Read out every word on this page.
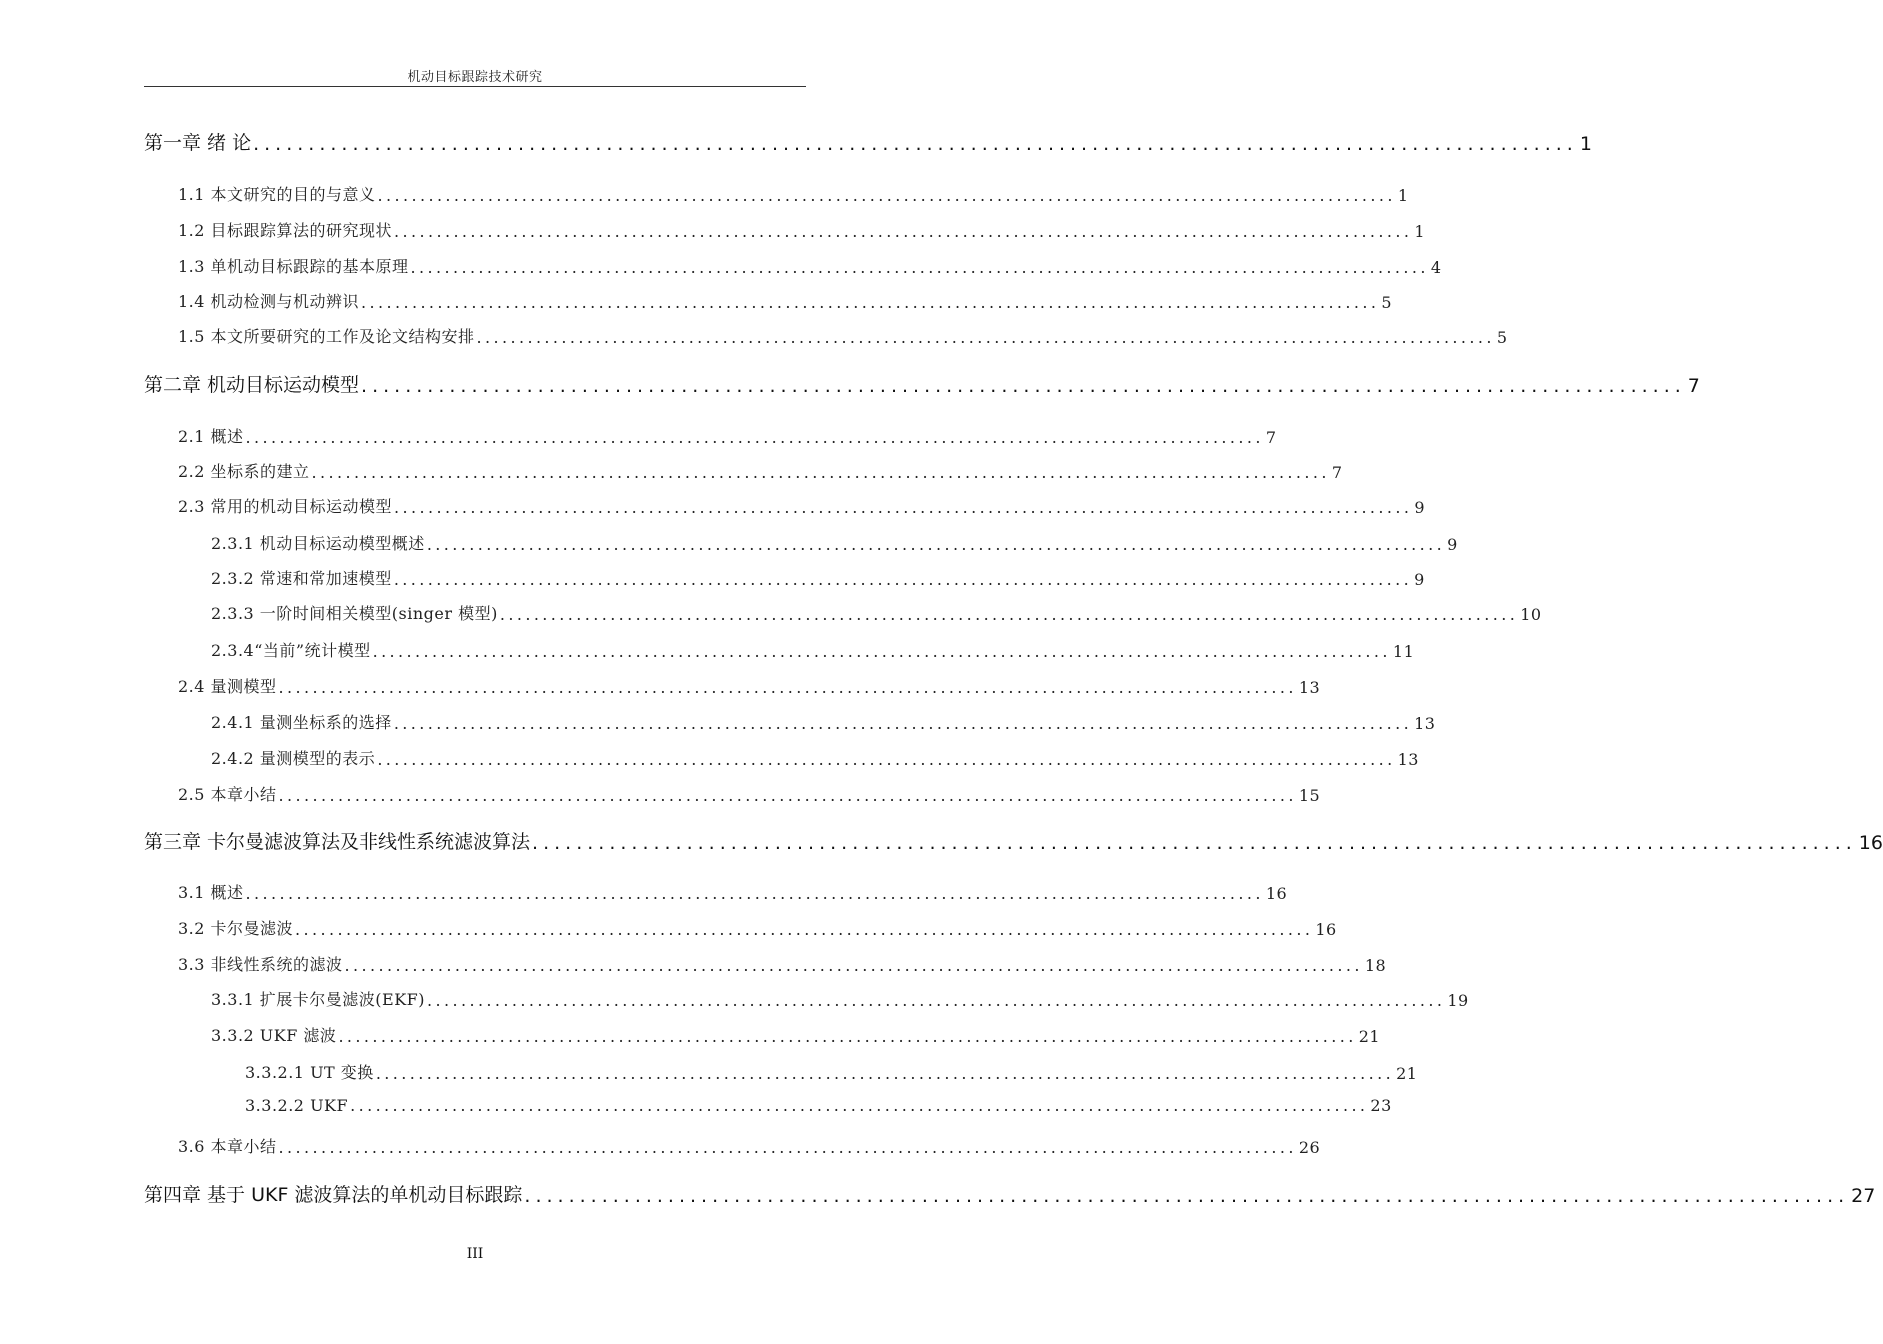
机动目标跟踪技术研究
第一章 绪 论 ........................................................................................................................ 1
1.1 本文研究的目的与意义 ........................................................................................................................ 1
1.2 目标跟踪算法的研究现状 ........................................................................................................................ 1
1.3 单机动目标跟踪的基本原理 ........................................................................................................................ 4
1.4 机动检测与机动辨识 ........................................................................................................................ 5
1.5 本文所要研究的工作及论文结构安排 ........................................................................................................................ 5
第二章 机动目标运动模型 ........................................................................................................................ 7
2.1 概述 ........................................................................................................................ 7
2.2 坐标系的建立 ........................................................................................................................ 7
2.3 常用的机动目标运动模型 ........................................................................................................................ 9
2.3.1 机动目标运动模型概述 ........................................................................................................................ 9
2.3.2 常速和常加速模型 ........................................................................................................................ 9
2.3.3 一阶时间相关模型(singer 模型) ........................................................................................................................ 10
2.3.4“当前”统计模型 ........................................................................................................................ 11
2.4 量测模型 ........................................................................................................................ 13
2.4.1 量测坐标系的选择 ........................................................................................................................ 13
2.4.2 量测模型的表示 ........................................................................................................................ 13
2.5 本章小结 ........................................................................................................................ 15
第三章 卡尔曼滤波算法及非线性系统滤波算法 ........................................................................................................................ 16
3.1 概述 ........................................................................................................................ 16
3.2 卡尔曼滤波 ........................................................................................................................ 16
3.3 非线性系统的滤波 ........................................................................................................................ 18
3.3.1 扩展卡尔曼滤波(EKF) ........................................................................................................................ 19
3.3.2 UKF 滤波 ........................................................................................................................ 21
3.3.2.1 UT 变换 ........................................................................................................................ 21
3.3.2.2 UKF ........................................................................................................................ 23
3.6 本章小结 ........................................................................................................................ 26
第四章 基于 UKF 滤波算法的单机动目标跟踪 ........................................................................................................................ 27
III
